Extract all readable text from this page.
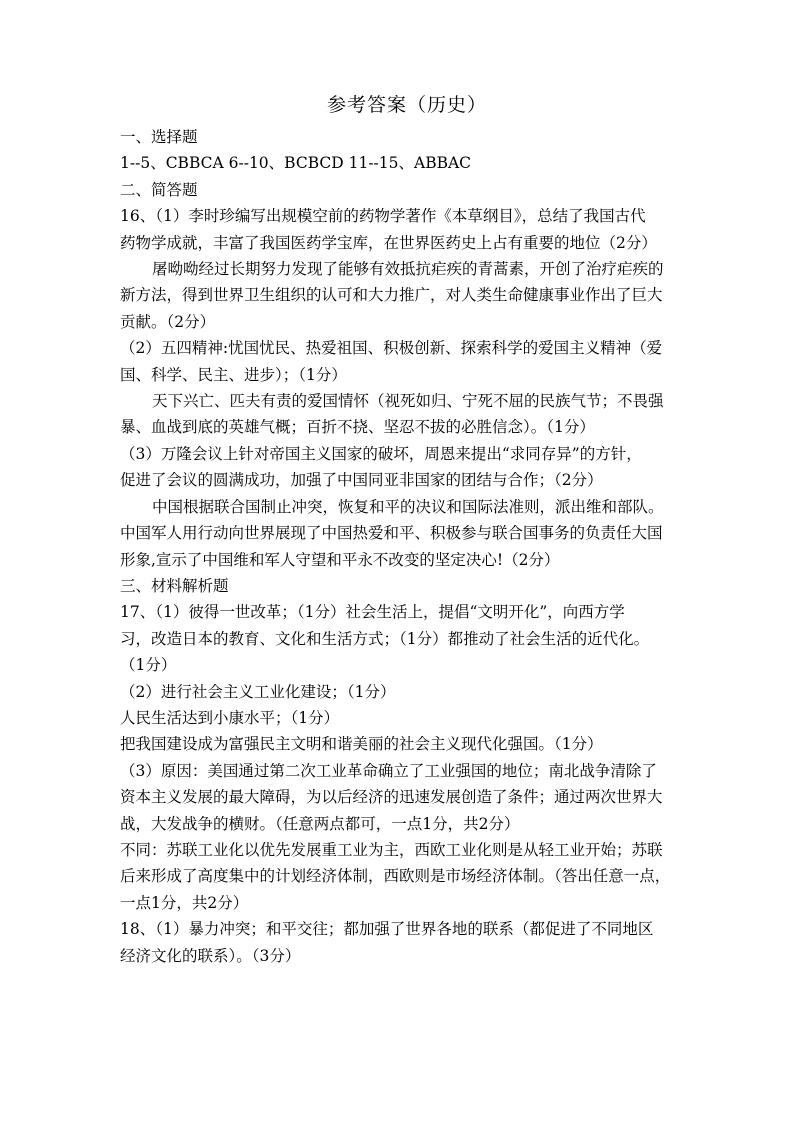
参考答案（历史）
一、选择题
1--5、CBBCA 6--10、BCBCD 11--15、ABBAC
二、简答题
16、（1）李时珍编写出规模空前的药物学著作《本草纲目》，总结了我国古代
药物学成就，丰富了我国医药学宝库，在世界医药史上占有重要的地位（2分）
屠呦呦经过长期努力发现了能够有效抵抗疟疾的青蒿素，开创了治疗疟疾的
新方法，得到世界卫生组织的认可和大力推广，对人类生命健康事业作出了巨大
贡献。（2分）
（2）五四精神:忧国忧民、热爱祖国、积极创新、探索科学的爱国主义精神（爱
国、科学、民主、进步）；（1分）
天下兴亡、匹夫有责的爱国情怀（视死如归、宁死不屈的民族气节；不畏强
暴、血战到底的英雄气概；百折不挠、坚忍不拔的必胜信念）。（1分）
（3）万隆会议上针对帝国主义国家的破坏，周恩来提出“求同存异”的方针，
促进了会议的圆满成功，加强了中国同亚非国家的团结与合作；（2分）
中国根据联合国制止冲突，恢复和平的决议和国际法准则，派出维和部队。
中国军人用行动向世界展现了中国热爱和平、积极参与联合国事务的负责任大国
形象,宣示了中国维和军人守望和平永不改变的坚定决心!（2分）
三、材料解析题
17、（1）彼得一世改革；（1分）社会生活上，提倡“文明开化”，向西方学
习，改造日本的教育、文化和生活方式；（1分）都推动了社会生活的近代化。
（1分）
（2）进行社会主义工业化建设；（1分）
人民生活达到小康水平；（1分）
把我国建设成为富强民主文明和谐美丽的社会主义现代化强国。（1分）
（3）原因：美国通过第二次工业革命确立了工业强国的地位；南北战争清除了
资本主义发展的最大障碍，为以后经济的迅速发展创造了条件；通过两次世界大
战，大发战争的横财。（任意两点都可，一点1分，共2分）
不同：苏联工业化以优先发展重工业为主，西欧工业化则是从轻工业开始；苏联
后来形成了高度集中的计划经济体制，西欧则是市场经济体制。（答出任意一点，
一点1分，共2分）
18、（1）暴力冲突；和平交往；都加强了世界各地的联系（都促进了不同地区
经济文化的联系）。（3分）
